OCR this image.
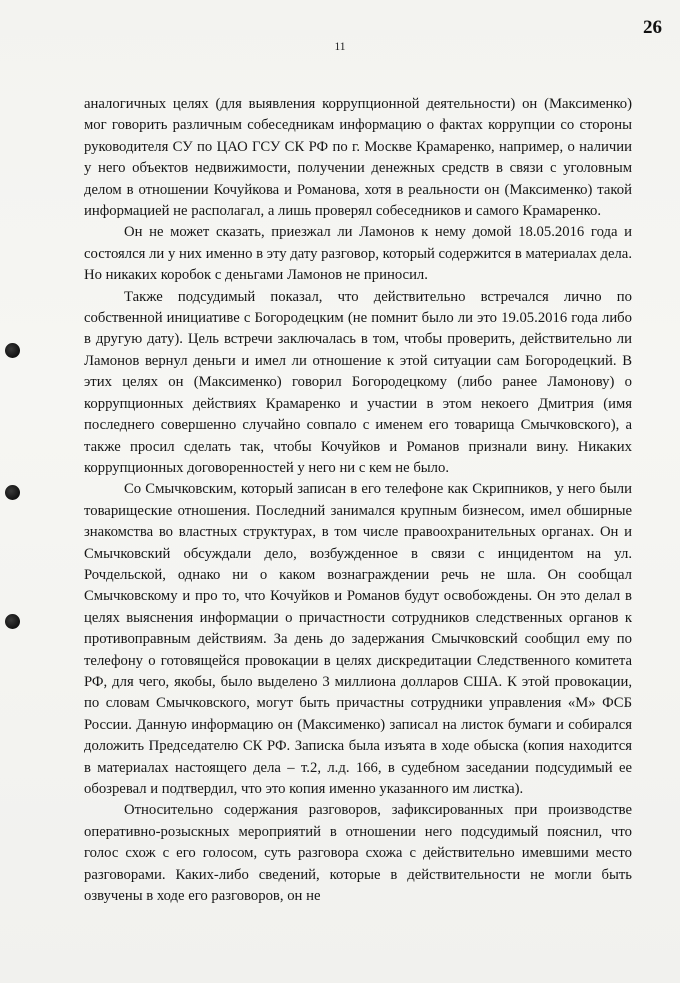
26

11

аналогичных целях (для выявления коррупционной деятельности) он (Максименко) мог говорить различным собеседникам информацию о фактах коррупции со стороны руководителя СУ по ЦАО ГСУ СК РФ по г. Москве Крамаренко, например, о наличии у него объектов недвижимости, получении денежных средств в связи с уголовным делом в отношении Кочуйкова и Романова, хотя в реальности он (Максименко) такой информацией не располагал, а лишь проверял собеседников и самого Крамаренко.

Он не может сказать, приезжал ли Ламонов к нему домой 18.05.2016 года и состоялся ли у них именно в эту дату разговор, который содержится в материалах дела. Но никаких коробок с деньгами Ламонов не приносил.

Также подсудимый показал, что действительно встречался лично по собственной инициативе с Богородецким (не помнит было ли это 19.05.2016 года либо в другую дату). Цель встречи заключалась в том, чтобы проверить, действительно ли Ламонов вернул деньги и имел ли отношение к этой ситуации сам Богородецкий. В этих целях он (Максименко) говорил Богородецкому (либо ранее Ламонову) о коррупционных действиях Крамаренко и участии в этом некоего Дмитрия (имя последнего совершенно случайно совпало с именем его товарища Смычковского), а также просил сделать так, чтобы Кочуйков и Романов признали вину. Никаких коррупционных договоренностей у него ни с кем не было.

Со Смычковским, который записан в его телефоне как Скрипников, у него были товарищеские отношения. Последний занимался крупным бизнесом, имел обширные знакомства во властных структурах, в том числе правоохранительных органах. Он и Смычковский обсуждали дело, возбужденное в связи с инцидентом на ул. Рочдельской, однако ни о каком вознаграждении речь не шла. Он сообщал Смычковскому и про то, что Кочуйков и Романов будут освобождены. Он это делал в целях выяснения информации о причастности сотрудников следственных органов к противоправным действиям. За день до задержания Смычковский сообщил ему по телефону о готовящейся провокации в целях дискредитации Следственного комитета РФ, для чего, якобы, было выделено 3 миллиона долларов США. К этой провокации, по словам Смычковского, могут быть причастны сотрудники управления «М» ФСБ России. Данную информацию он (Максименко) записал на листок бумаги и собирался доложить Председателю СК РФ. Записка была изъята в ходе обыска (копия находится в материалах настоящего дела – т.2, л.д. 166, в судебном заседании подсудимый ее обозревал и подтвердил, что это копия именно указанного им листка).

Относительно содержания разговоров, зафиксированных при производстве оперативно-розыскных мероприятий в отношении него подсудимый пояснил, что голос схож с его голосом, суть разговора схожа с действительно имевшими место разговорами. Каких-либо сведений, которые в действительности не могли быть озвучены в ходе его разговоров, он не
